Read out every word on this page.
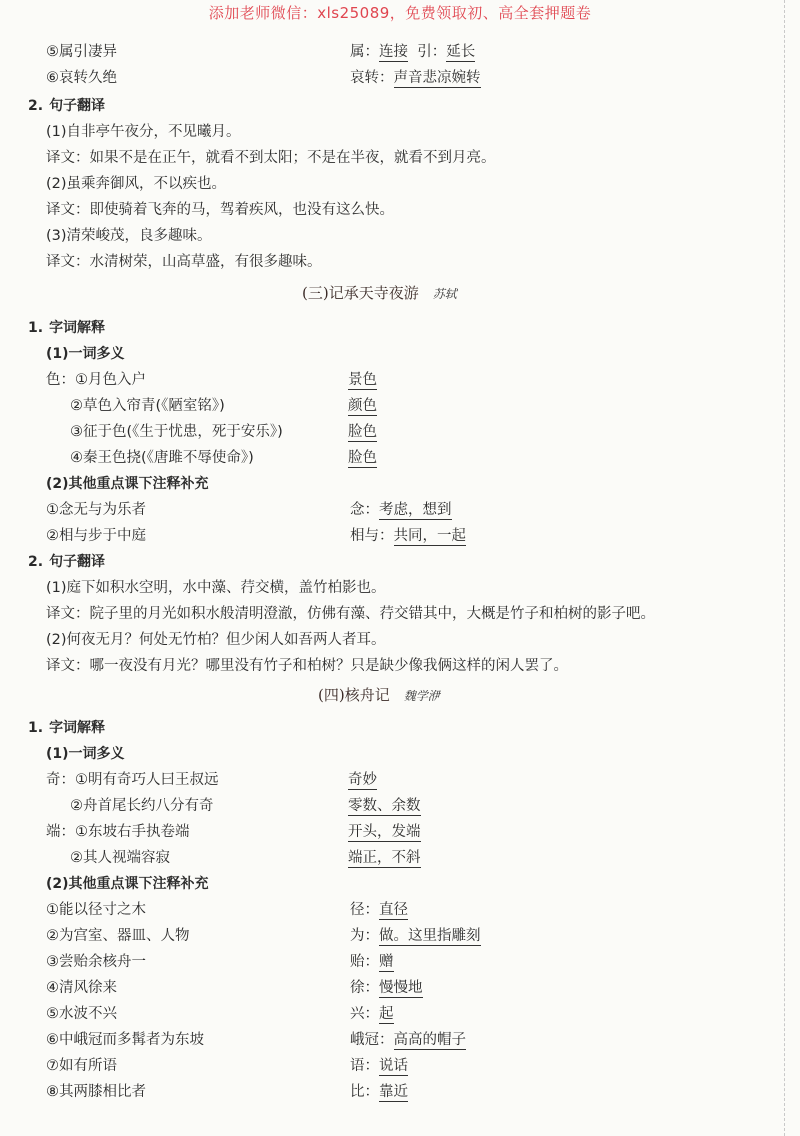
添加老师微信：xls25089，免费领取初、高全套押题卷
⑤属引凄异	属：连接  引：延长
⑥哀转久绝	哀转：声音悲凉婉转
2. 句子翻译
(1)自非亭午夜分，不见曦月。
译文：如果不是在正午，就看不到太阳；不是在半夜，就看不到月亮。
(2)虽乘奔御风，不以疾也。
译文：即使骑着飞奔的马，驾着疾风，也没有这么快。
(3)清荣峻茂，良多趣味。
译文：水清树荣，山高草盛，有很多趣味。
(三)记承天寺夜游 苏轼
1. 字词解释
(1)一词多义
色：①月色入户	景色
②草色入帘青(《陋室铭》)	颜色
③征于色(《生于忧患，死于安乐》)	脸色
④秦王色挠(《唐雎不辱使命》)	脸色
(2)其他重点课下注释补充
①念无与为乐者	念：考虑，想到
②相与步于中庭	相与：共同，一起
2. 句子翻译
(1)庭下如积水空明，水中藻、荇交横，盖竹柏影也。
译文：院子里的月光如积水般清明澄澈，仿佛有藻、荇交错其中，大概是竹子和柏树的影子吧。
(2)何夜无月？何处无竹柏？但少闲人如吾两人者耳。
译文：哪一夜没有月光？哪里没有竹子和柏树？只是缺少像我俩这样的闲人罢了。
(四)核舟记 魏学洢
1. 字词解释
(1)一词多义
奇：①明有奇巧人曰王叔远	奇妙
②舟首尾长约八分有奇	零数、余数
端：①东坡右手执卷端	开头，发端
②其人视端容寂	端正，不斜
(2)其他重点课下注释补充
①能以径寸之木	径：直径
②为宫室、器皿、人物	为：做。这里指雕刻
③尝贻余核舟一	贻：赠
④清风徐来	徐：慢慢地
⑤水波不兴	兴：起
⑥中峨冠而多髯者为东坡	峨冠：高高的帽子
⑦如有所语	语：说话
⑧其两膝相比者	比：靠近
